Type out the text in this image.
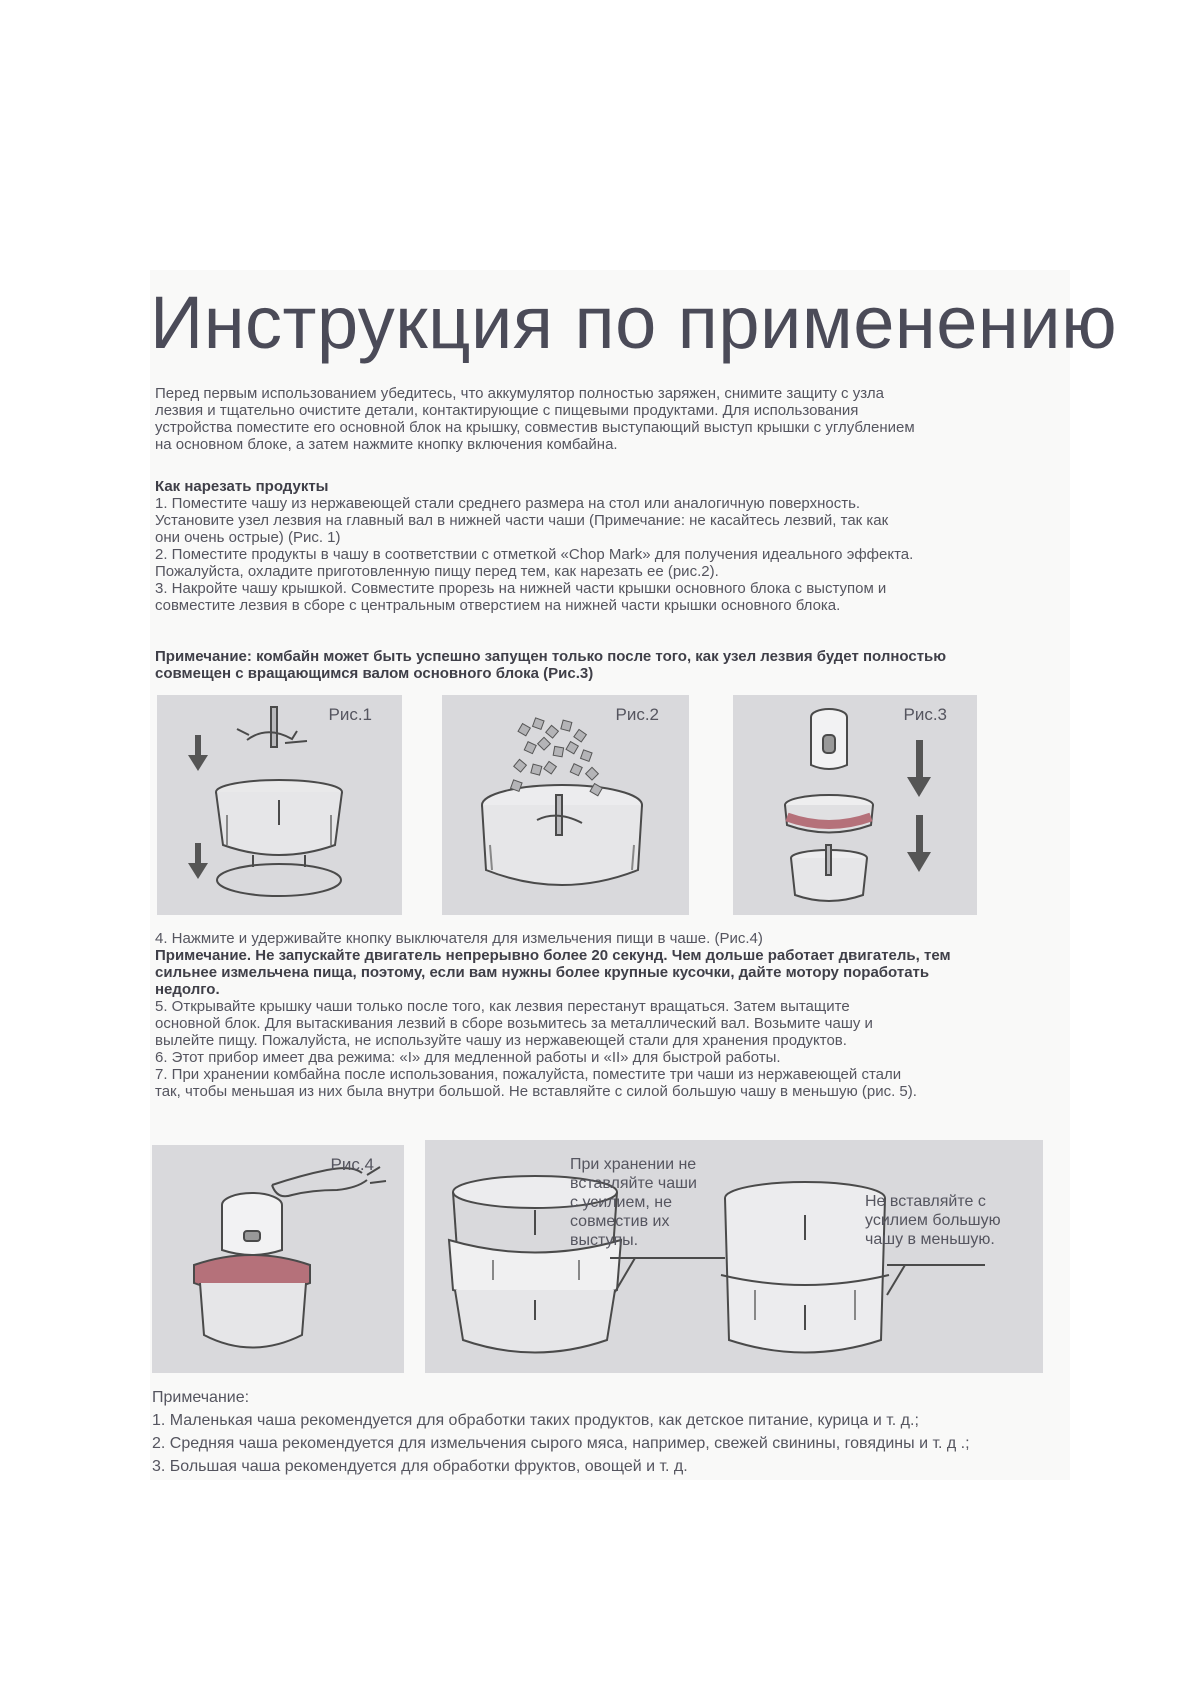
Инструкция по применению

Перед первым использованием убедитесь, что аккумулятор полностью заряжен, снимите защиту с узла

лезвия и тщательно очистите детали, контактирующие с пищевыми продуктами. Для использования

устройства поместите его основной блок на крышку, совместив выступающий выступ крышки с углублением

на основном блоке, а затем нажмите кнопку включения комбайна.

Как нарезать продукты

1. Поместите чашу из нержавеющей стали среднего размера на стол или аналогичную поверхность.

Установите узел лезвия на главный вал в нижней части чаши (Примечание: не касайтесь лезвий, так как

они очень острые) (Рис. 1)

2. Поместите продукты в чашу в соответствии с отметкой «Chop Mark» для получения идеального эффекта.

Пожалуйста, охладите приготовленную пищу перед тем, как нарезать ее (рис.2).

3. Накройте чашу крышкой. Совместите прорезь на нижней части крышки основного блока с выступом и

совместите лезвия в сборе с центральным отверстием на нижней части крышки основного блока.

Примечание: комбайн может быть успешно запущен только после того, как узел лезвия будет полностью

совмещен с вращающимся валом основного блока (Рис.3)

Рис.1	Рис.2	Рис.3

4. Нажмите и удерживайте кнопку выключателя для измельчения пищи в чаше. (Рис.4)

Примечание. Не запускайте двигатель непрерывно более 20 секунд. Чем дольше работает двигатель, тем

сильнее измельчена пища, поэтому, если вам нужны более крупные кусочки, дайте мотору поработать

недолго.

5. Открывайте крышку чаши только после того, как лезвия перестанут вращаться. Затем вытащите

основной блок. Для вытаскивания лезвий в сборе возьмитесь за металлический вал. Возьмите чашу и

вылейте пищу. Пожалуйста, не используйте чашу из нержавеющей стали для хранения продуктов.

6. Этот прибор имеет два режима: «I» для медленной работы и «II» для быстрой работы.

7. При хранении комбайна после использования, пожалуйста, поместите три чаши из нержавеющей стали

так, чтобы меньшая из них была внутри большой. Не вставляйте с силой большую чашу в меньшую (рис. 5).

Рис.4	При хранении не
вставляйте чаши
с усилием, не
совместив их
выступы.
Не вставляйте с
усилием большую
чашу в меньшую.

Примечание:

1. Маленькая чаша рекомендуется для обработки таких продуктов, как детское питание, курица и т. д.;

2. Средняя чаша рекомендуется для измельчения сырого мяса, например, свежей свинины, говядины и т. д .;

3. Большая чаша рекомендуется для обработки фруктов, овощей и т. д.
